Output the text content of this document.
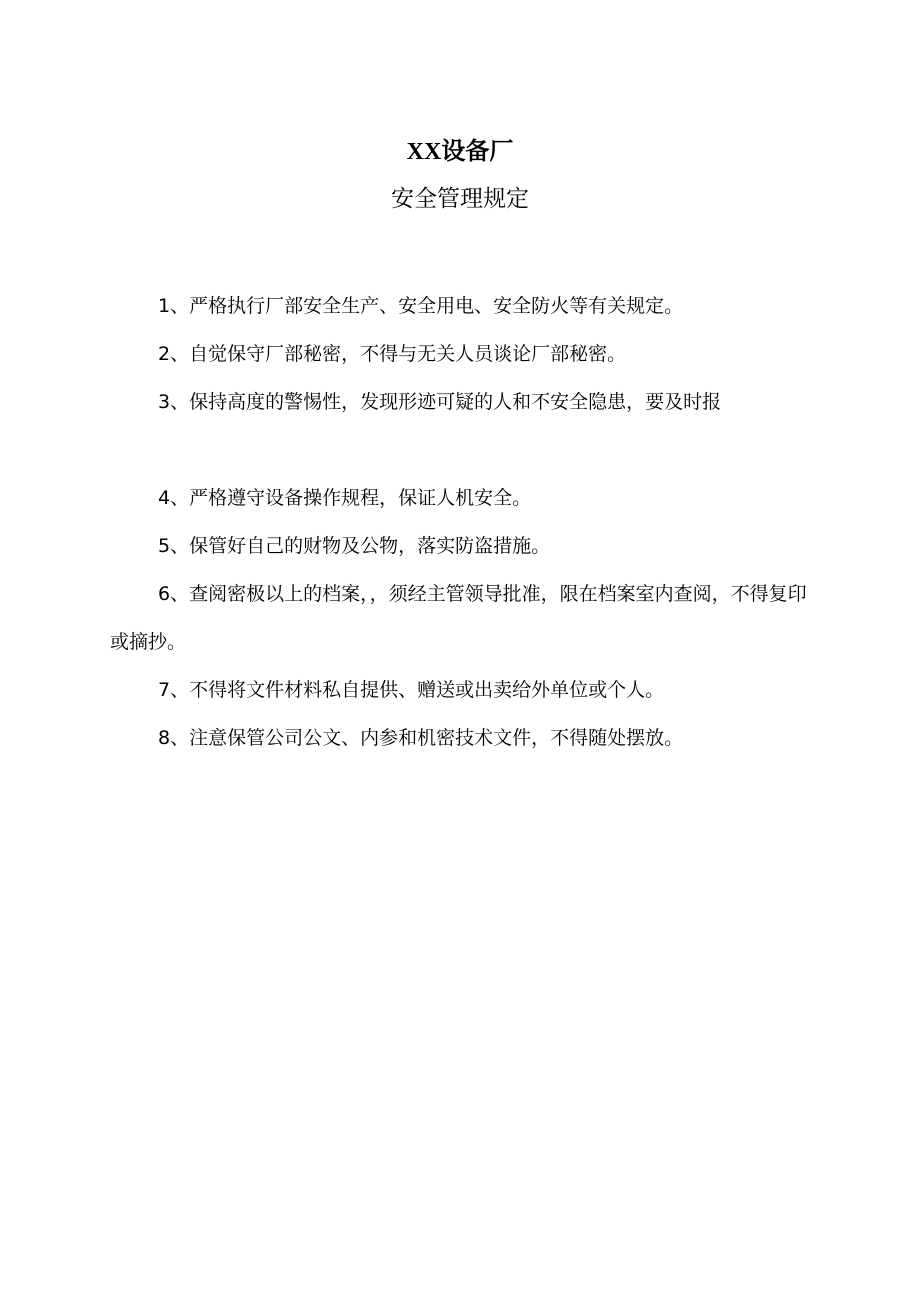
XX设备厂
安全管理规定

1、严格执行厂部安全生产、安全用电、安全防火等有关规定。

2、自觉保守厂部秘密，不得与无关人员谈论厂部秘密。

3、保持高度的警惕性，发现形迹可疑的人和不安全隐患，要及时报

4、严格遵守设备操作规程，保证人机安全。

5、保管好自己的财物及公物，落实防盗措施。

6、查阅密极以上的档案，，须经主管领导批准，限在档案室内查阅，不得复印或摘抄。

7、不得将文件材料私自提供、赠送或出卖给外单位或个人。

8、注意保管公司公文、内参和机密技术文件，不得随处摆放。
